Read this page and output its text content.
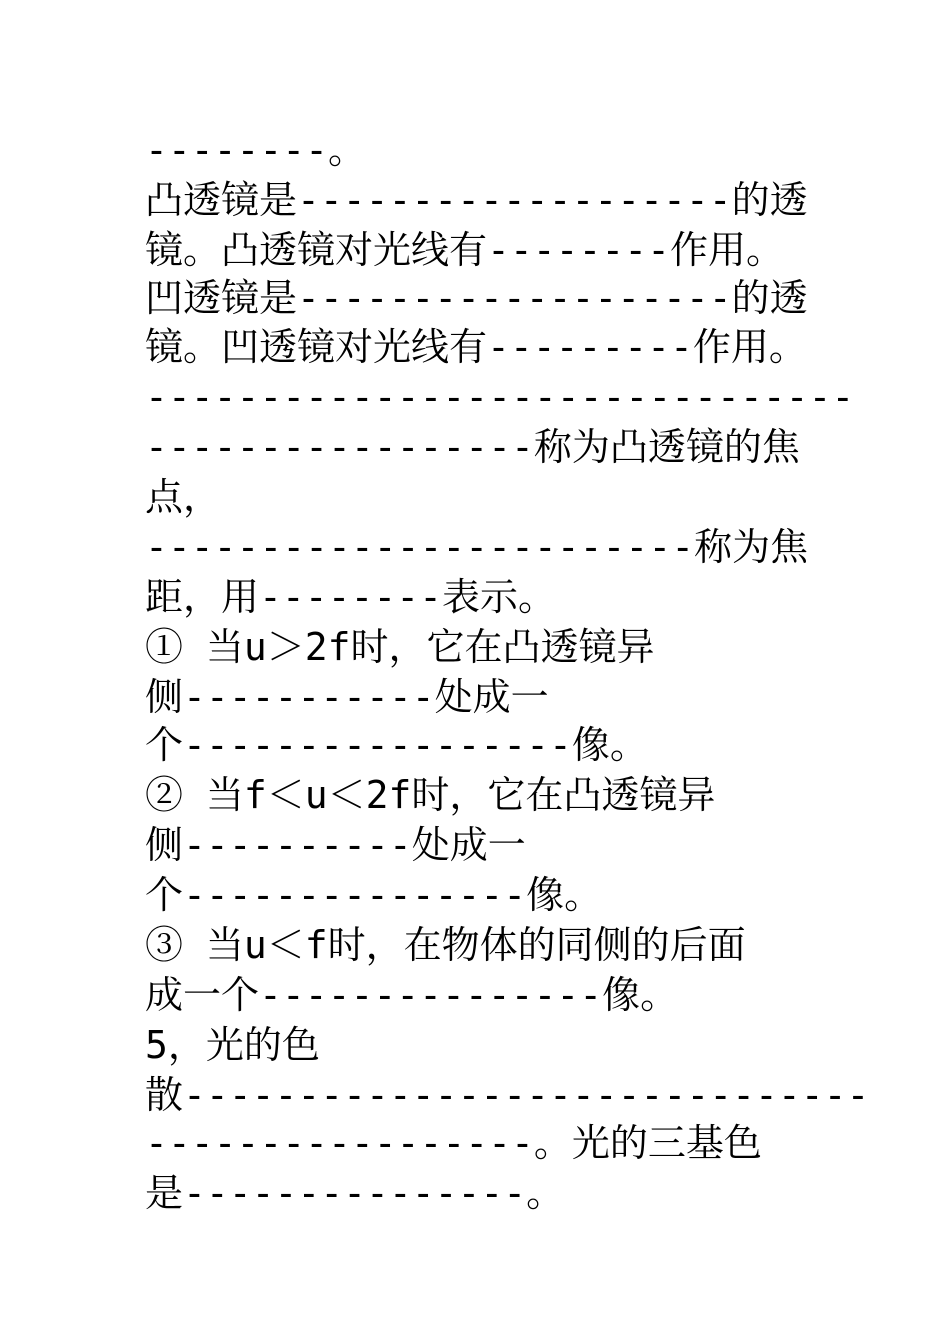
--------。
凸透镜是-------------------的透
镜。凸透镜对光线有--------作用。
凹透镜是-------------------的透
镜。凹透镜对光线有---------作用。
-------------------------------
-----------------称为凸透镜的焦
点，
------------------------称为焦
距，用--------表示。
① 当u＞2f时，它在凸透镜异
侧-----------处成一
个-----------------像。
② 当f＜u＜2f时，它在凸透镜异
侧----------处成一
个---------------像。
③ 当u＜f时，在物体的同侧的后面
成一个---------------像。
5，光的色
散------------------------------
-----------------。光的三基色
是---------------。
